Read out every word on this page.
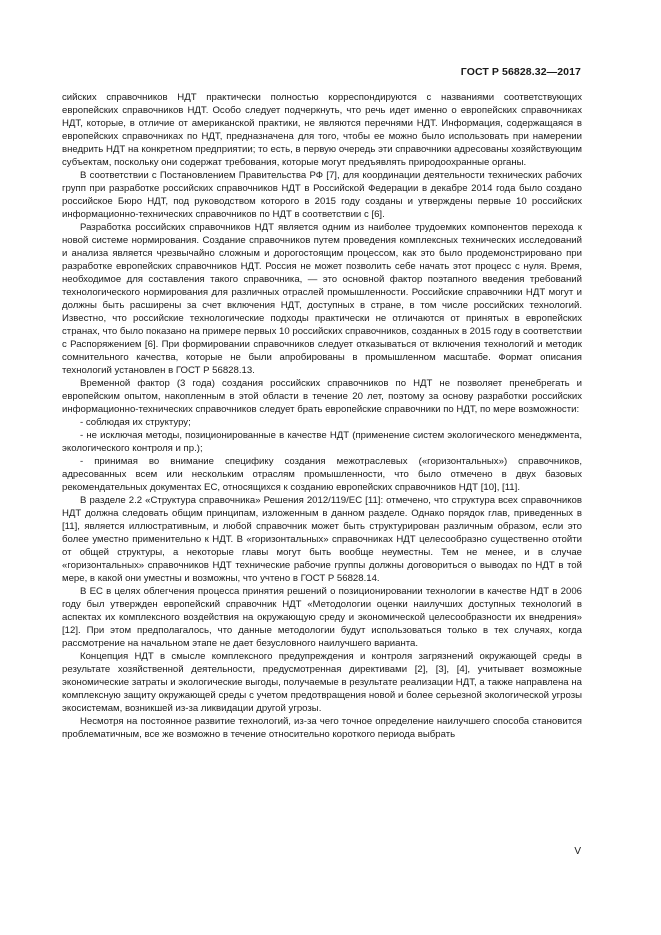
ГОСТ Р 56828.32—2017

сийских справочников НДТ практически полностью корреспондируются с названиями соответствующих европейских справочников НДТ. Особо следует подчеркнуть, что речь идет именно о европейских справочниках НДТ, которые, в отличие от американской практики, не являются перечнями НДТ. Информация, содержащаяся в европейских справочниках по НДТ, предназначена для того, чтобы ее можно было использовать при намерении внедрить НДТ на конкретном предприятии; то есть, в первую очередь эти справочники адресованы хозяйствующим субъектам, поскольку они содержат требования, которые могут предъявлять природоохранные органы.

В соответствии с Постановлением Правительства РФ [7], для координации деятельности технических рабочих групп при разработке российских справочников НДТ в Российской Федерации в декабре 2014 года было создано российское Бюро НДТ, под руководством которого в 2015 году созданы и утверждены первые 10 российских информационно-технических справочников по НДТ в соответствии с [6].

Разработка российских справочников НДТ является одним из наиболее трудоемких компонентов перехода к новой системе нормирования. Создание справочников путем проведения комплексных технических исследований и анализа является чрезвычайно сложным и дорогостоящим процессом, как это было продемонстрировано при разработке европейских справочников НДТ. Россия не может позволить себе начать этот процесс с нуля. Время, необходимое для составления такого справочника, — это основной фактор поэтапного введения требований технологического нормирования для различных отраслей промышленности. Российские справочники НДТ могут и должны быть расширены за счет включения НДТ, доступных в стране, в том числе российских технологий. Известно, что российские технологические подходы практически не отличаются от принятых в европейских странах, что было показано на примере первых 10 российских справочников, созданных в 2015 году в соответствии с Распоряжением [6]. При формировании справочников следует отказываться от включения технологий и методик сомнительного качества, которые не были апробированы в промышленном масштабе. Формат описания технологий установлен в ГОСТ Р 56828.13.

Временной фактор (3 года) создания российских справочников по НДТ не позволяет пренебрегать и европейским опытом, накопленным в этой области в течение 20 лет, поэтому за основу разработки российских информационно-технических справочников следует брать европейские справочники по НДТ, по мере возможности:

- соблюдая их структуру;

- не исключая методы, позиционированные в качестве НДТ (применение систем экологического менеджмента, экологического контроля и пр.);

- принимая во внимание специфику создания межотраслевых («горизонтальных») справочников, адресованных всем или нескольким отраслям промышленности, что было отмечено в двух базовых рекомендательных документах ЕС, относящихся к созданию европейских справочников НДТ [10], [11].

В разделе 2.2 «Структура справочника» Решения 2012/119/ЕС [11]: отмечено, что структура всех справочников НДТ должна следовать общим принципам, изложенным в данном разделе. Однако порядок глав, приведенных в [11], является иллюстративным, и любой справочник может быть структурирован различным образом, если это более уместно применительно к НДТ. В «горизонтальных» справочниках НДТ целесообразно существенно отойти от общей структуры, а некоторые главы могут быть вообще неуместны. Тем не менее, и в случае «горизонтальных» справочников НДТ технические рабочие группы должны договориться о выводах по НДТ в той мере, в какой они уместны и возможны, что учтено в ГОСТ Р 56828.14.

В ЕС в целях облегчения процесса принятия решений о позиционировании технологии в качестве НДТ в 2006 году был утвержден европейский справочник НДТ «Методологии оценки наилучших доступных технологий в аспектах их комплексного воздействия на окружающую среду и экономической целесообразности их внедрения» [12]. При этом предполагалось, что данные методологии будут использоваться только в тех случаях, когда рассмотрение на начальном этапе не дает безусловного наилучшего варианта.

Концепция НДТ в смысле комплексного предупреждения и контроля загрязнений окружающей среды в результате хозяйственной деятельности, предусмотренная директивами [2], [3], [4], учитывает возможные экономические затраты и экологические выгоды, получаемые в результате реализации НДТ, а также направлена на комплексную защиту окружающей среды с учетом предотвращения новой и более серьезной экологической угрозы экосистемам, возникшей из-за ликвидации другой угрозы.

Несмотря на постоянное развитие технологий, из-за чего точное определение наилучшего способа становится проблематичным, все же возможно в течение относительно короткого периода выбрать

V
